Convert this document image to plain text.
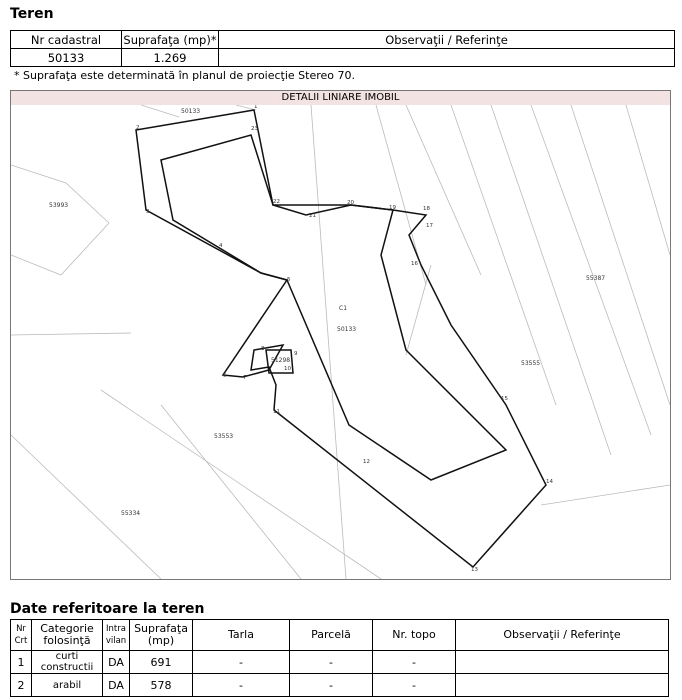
Teren
Nr cadastral	Suprafaţa (mp)*	Observaţii / Referinţe
50133	1.269	
* Suprafaţa este determinată în planul de proiecţie Stereo 70.
DETALII LINIARE IMOBIL
50133
53993
55387
53555
53553
55334
C1
50133
51298
1
2
3
4
5
6	7
8
9
10
11
12
13
14
15
16
17
18
19
20
21
22
23
Date referitoare la teren
Nr Crt	Categorie folosinţă	Intra vilan	Suprafaţa (mp)	Tarla	Parcelă	Nr. topo	Observaţii / Referinţe
1	curti constructii	DA	691	-	-	-	
2	arabil	DA	578	-	-	-	
